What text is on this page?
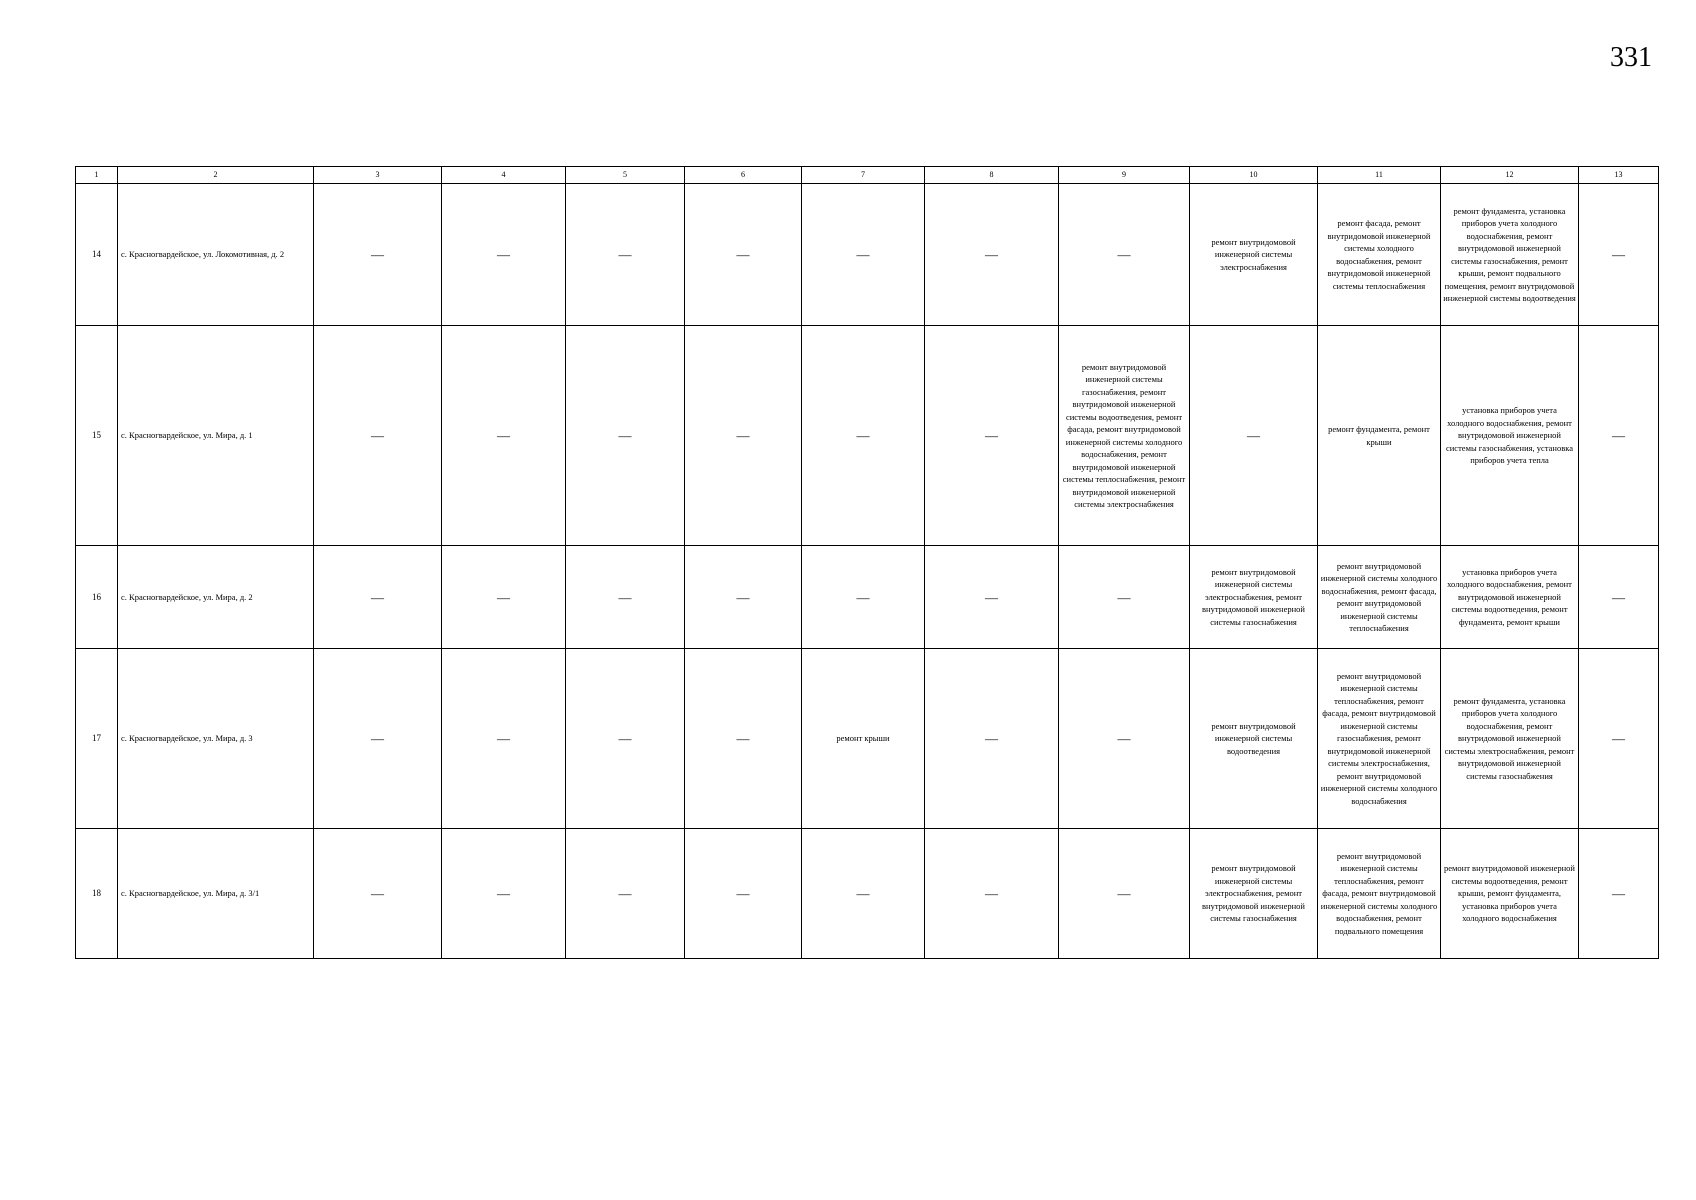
331
1	2	3	4	5	6	7	8	9	10	11	12	13
14	с. Красногвардейское, ул. Локомотивная, д. 2	—	—	—	—	—	—	—	ремонт внутридомовой инженерной системы электроснабжения	ремонт фасада, ремонт внутридомовой инженерной системы холодного водоснабжения, ремонт внутридомовой инженерной системы теплоснабжения	ремонт фундамента, установка приборов учета холодного водоснабжения, ремонт внутридомовой инженерной системы газоснабжения, ремонт крыши, ремонт подвального помещения, ремонт внутридомовой инженерной системы водоотведения	—
15	с. Красногвардейское, ул. Мира, д. 1	—	—	—	—	—	—	ремонт внутридомовой инженерной системы газоснабжения, ремонт внутридомовой инженерной системы водоотведения, ремонт фасада, ремонт внутридомовой инженерной системы холодного водоснабжения, ремонт внутридомовой инженерной системы теплоснабжения, ремонт внутридомовой инженерной системы электроснабжения	—	ремонт фундамента, ремонт крыши	установка приборов учета холодного водоснабжения, ремонт внутридомовой инженерной системы газоснабжения, установка приборов учета тепла	—
16	с. Красногвардейское, ул. Мира, д. 2	—	—	—	—	—	—	—	ремонт внутридомовой инженерной системы электроснабжения, ремонт внутридомовой инженерной системы газоснабжения	ремонт внутридомовой инженерной системы холодного водоснабжения, ремонт фасада, ремонт внутридомовой инженерной системы теплоснабжения	установка приборов учета холодного водоснабжения, ремонт внутридомовой инженерной системы водоотведения, ремонт фундамента, ремонт крыши	—
17	с. Красногвардейское, ул. Мира, д. 3	—	—	—	—	ремонт крыши	—	—	ремонт внутридомовой инженерной системы водоотведения	ремонт внутридомовой инженерной системы теплоснабжения, ремонт фасада, ремонт внутридомовой инженерной системы газоснабжения, ремонт внутридомовой инженерной системы электроснабжения, ремонт внутридомовой инженерной системы холодного водоснабжения	ремонт фундамента, установка приборов учета холодного водоснабжения, ремонт внутридомовой инженерной системы электроснабжения, ремонт внутридомовой инженерной системы газоснабжения	—
18	с. Красногвардейское, ул. Мира, д. 3/1	—	—	—	—	—	—	—	ремонт внутридомовой инженерной системы электроснабжения, ремонт внутридомовой инженерной системы газоснабжения	ремонт внутридомовой инженерной системы теплоснабжения, ремонт фасада, ремонт внутридомовой инженерной системы холодного водоснабжения, ремонт подвального помещения	ремонт внутридомовой инженерной системы водоотведения, ремонт крыши, ремонт фундамента, установка приборов учета холодного водоснабжения	—
